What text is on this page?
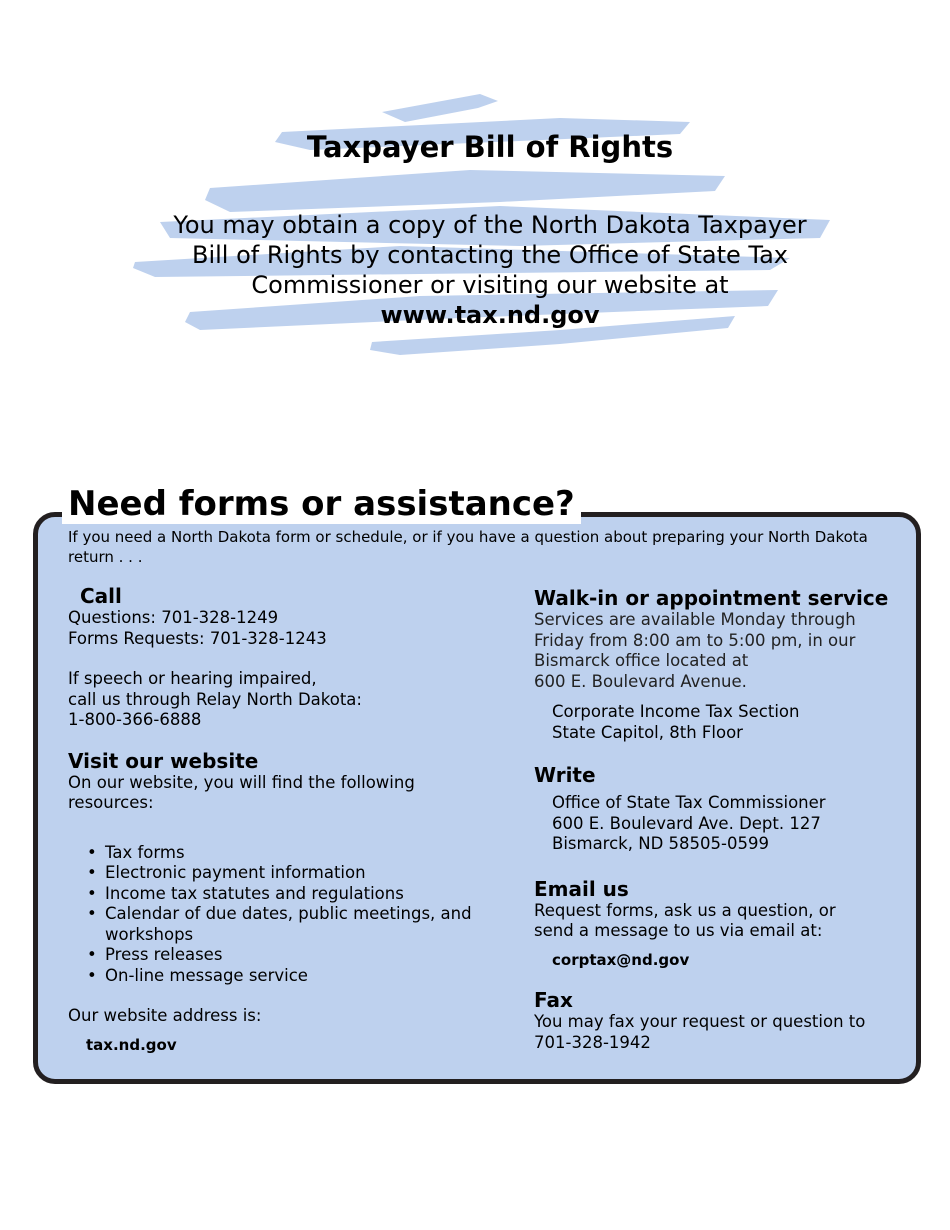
Taxpayer Bill of Rights
You may obtain a copy of the North Dakota Taxpayer
Bill of Rights by contacting the Office of State Tax
Commissioner or visiting our website at
www.tax.nd.gov
Need forms or assistance?
If you need a North Dakota form or schedule, or if you have a question about preparing your North Dakota return . . .
Call
Questions: 701-328-1249
Forms Requests: 701-328-1243
If speech or hearing impaired,
call us through Relay North Dakota:
1-800-366-6888
Visit our website
On our website, you will find the following
resources:
• Tax forms
• Electronic payment information
• Income tax statutes and regulations
• Calendar of due dates, public meetings, and workshops
• Press releases
• On-line message service
Our website address is:
tax.nd.gov
Walk-in or appointment service
Services are available Monday through
Friday from 8:00 am to 5:00 pm, in our
Bismarck office located at
600 E. Boulevard Avenue.
Corporate Income Tax Section
State Capitol, 8th Floor
Write
Office of State Tax Commissioner
600 E. Boulevard Ave. Dept. 127
Bismarck, ND 58505-0599
Email us
Request forms, ask us a question, or
send a message to us via email at:
corptax@nd.gov
Fax
You may fax your request or question to
701-328-1942
